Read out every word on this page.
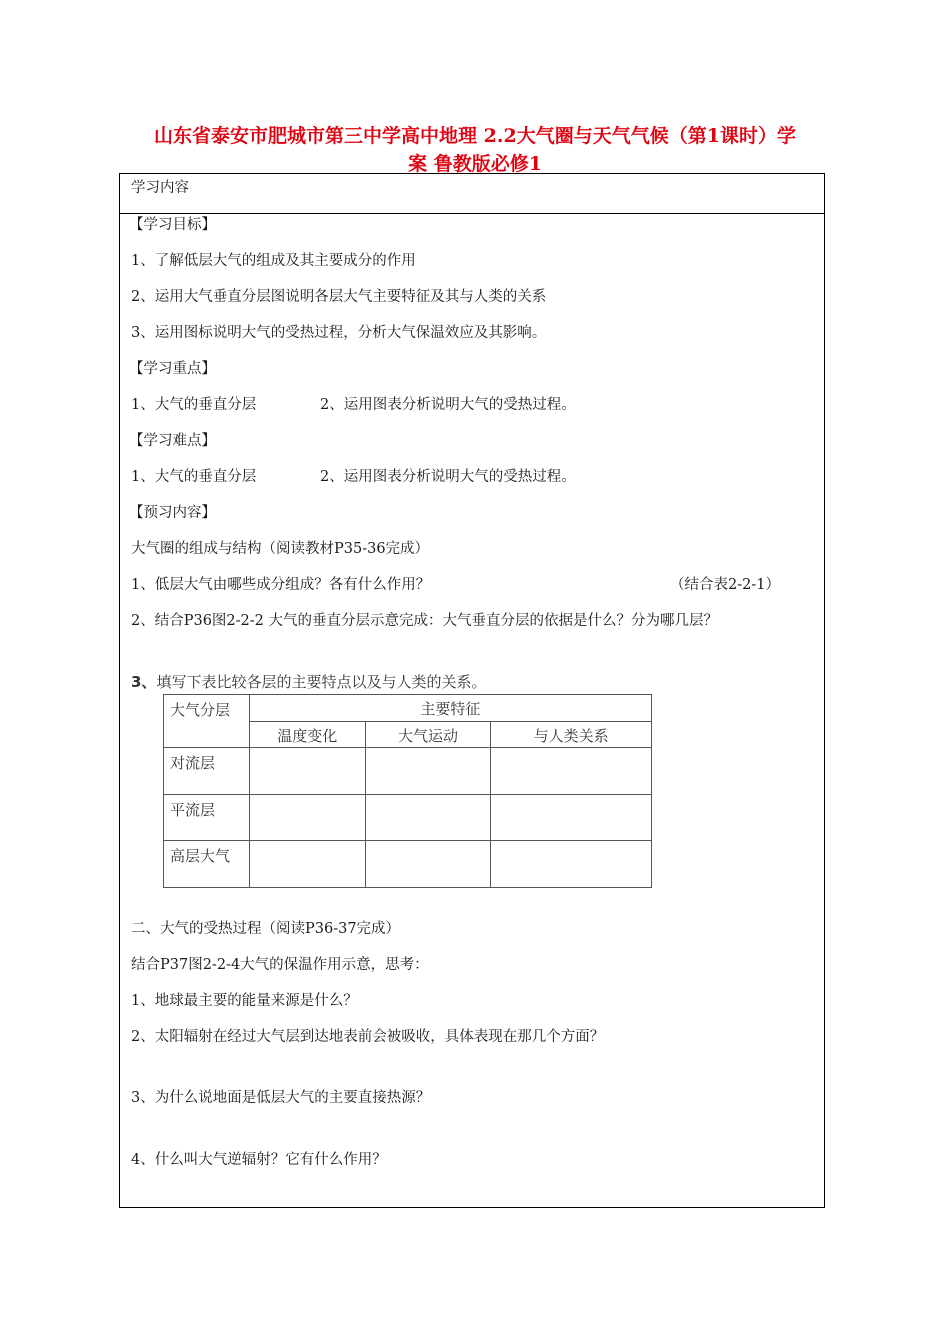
山东省泰安市肥城市第三中学高中地理 2.2大气圈与天气气候（第1课时）学
案 鲁教版必修1
学习内容
【学习目标】
1、了解低层大气的组成及其主要成分的作用
2、运用大气垂直分层图说明各层大气主要特征及其与人类的关系
3、运用图标说明大气的受热过程，分析大气保温效应及其影响。
【学习重点】
1、大气的垂直分层	2、运用图表分析说明大气的受热过程。
【学习难点】
1、大气的垂直分层	2、运用图表分析说明大气的受热过程。
【预习内容】
大气圈的组成与结构（阅读教材P35-36完成）
1、低层大气由哪些成分组成？各有什么作用？	（结合表2-2-1）
2、结合P36图2-2-2 大气的垂直分层示意完成：大气垂直分层的依据是什么？分为哪几层？
3、填写下表比较各层的主要特点以及与人类的关系。
大气分层	主要特征		

	温度变化	大气运动	与人类关系

对流层			

平流层			

高层大气			

二、大气的受热过程（阅读P36-37完成）
结合P37图2-2-4大气的保温作用示意，思考：
1、地球最主要的能量来源是什么？
2、太阳辐射在经过大气层到达地表前会被吸收，具体表现在那几个方面？
3、为什么说地面是低层大气的主要直接热源？
4、什么叫大气逆辐射？它有什么作用？
